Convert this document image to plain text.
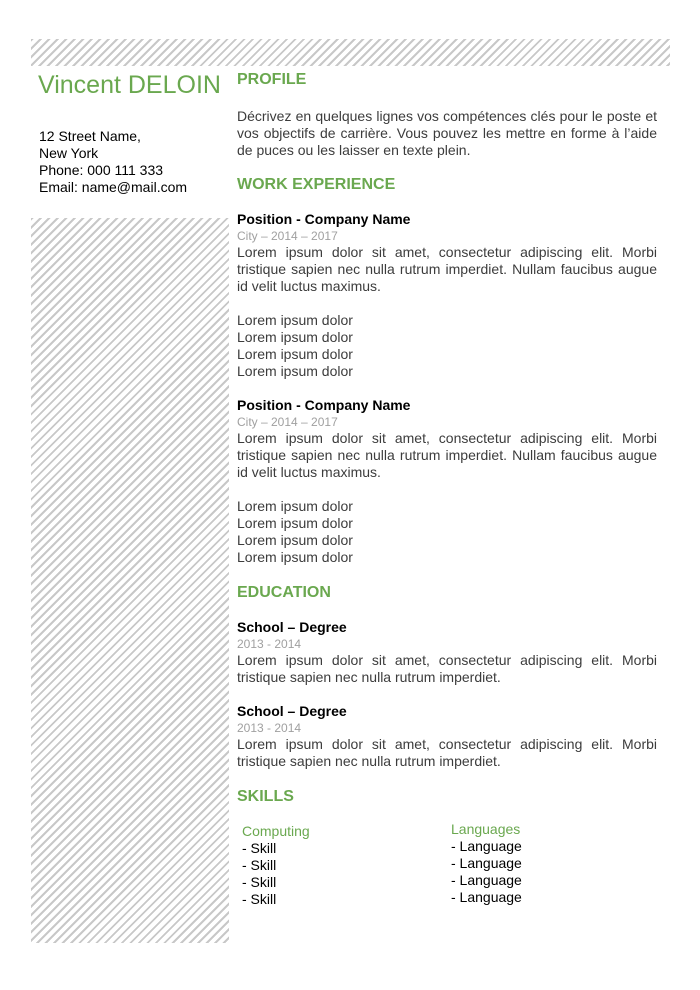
Vincent DELOIN
12 Street Name,
New York
Phone: 000 111 333
Email: name@mail.com
PROFILE
Décrivez en quelques lignes vos compétences clés pour le poste et vos objectifs de carrière. Vous pouvez les mettre en forme à l’aide de puces ou les laisser en texte plein.
WORK EXPERIENCE
Position - Company Name
City – 2014 – 2017
Lorem ipsum dolor sit amet, consectetur adipiscing elit. Morbi tristique sapien nec nulla rutrum imperdiet. Nullam faucibus augue id velit luctus maximus.
Lorem ipsum dolor
Lorem ipsum dolor
Lorem ipsum dolor
Lorem ipsum dolor
Position - Company Name
City – 2014 – 2017
Lorem ipsum dolor sit amet, consectetur adipiscing elit. Morbi tristique sapien nec nulla rutrum imperdiet. Nullam faucibus augue id velit luctus maximus.
Lorem ipsum dolor
Lorem ipsum dolor
Lorem ipsum dolor
Lorem ipsum dolor
EDUCATION
School – Degree
2013 - 2014
Lorem ipsum dolor sit amet, consectetur adipiscing elit. Morbi tristique sapien nec nulla rutrum imperdiet.
School – Degree
2013 - 2014
Lorem ipsum dolor sit amet, consectetur adipiscing elit. Morbi tristique sapien nec nulla rutrum imperdiet.
SKILLS
Computing
- Skill
- Skill
- Skill
- Skill
Languages
- Language
- Language
- Language
- Language
